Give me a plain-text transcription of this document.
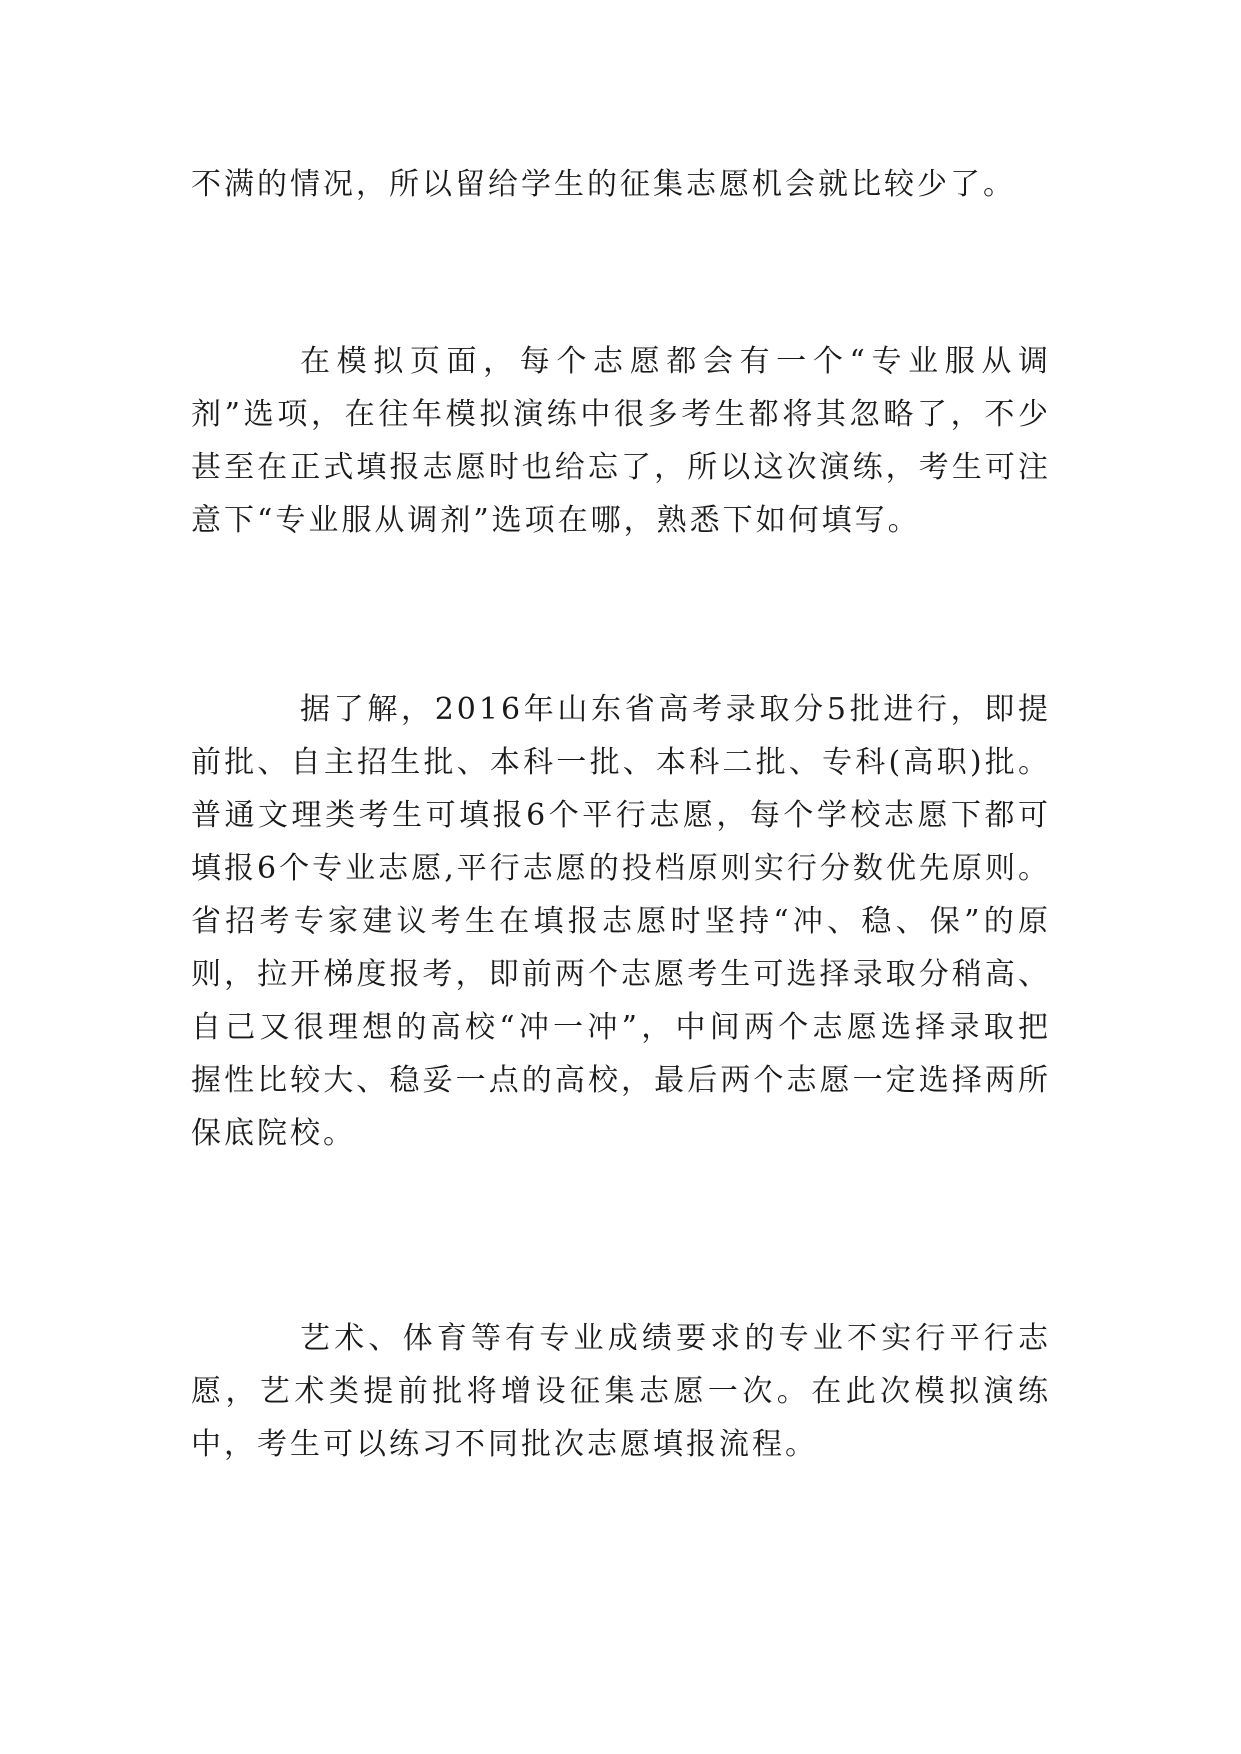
不满的情况，所以留给学生的征集志愿机会就比较少了。

在模拟页面，每个志愿都会有一个“专业服从调剂”选项，在往年模拟演练中很多考生都将其忽略了，不少甚至在正式填报志愿时也给忘了，所以这次演练，考生可注意下“专业服从调剂”选项在哪，熟悉下如何填写。

据了解，2016年山东省高考录取分5批进行，即提前批、自主招生批、本科一批、本科二批、专科(高职)批。普通文理类考生可填报6个平行志愿，每个学校志愿下都可填报6个专业志愿,平行志愿的投档原则实行分数优先原则。省招考专家建议考生在填报志愿时坚持“冲、稳、保”的原则，拉开梯度报考，即前两个志愿考生可选择录取分稍高、自己又很理想的高校“冲一冲”，中间两个志愿选择录取把握性比较大、稳妥一点的高校，最后两个志愿一定选择两所保底院校。

艺术、体育等有专业成绩要求的专业不实行平行志愿，艺术类提前批将增设征集志愿一次。在此次模拟演练中，考生可以练习不同批次志愿填报流程。
